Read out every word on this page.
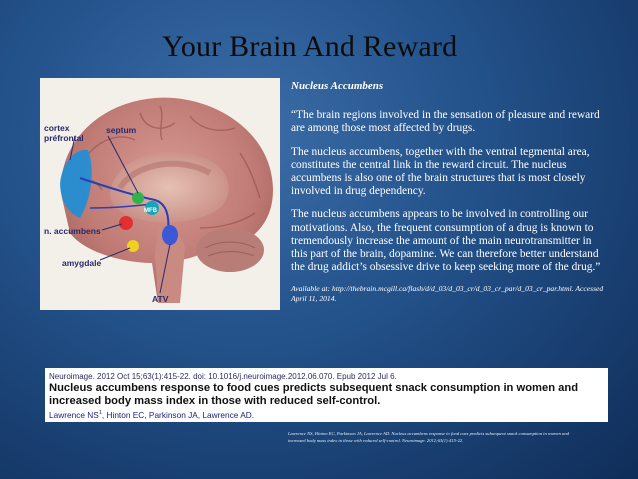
Your Brain And Reward
cortex
préfrontal
septum
MFB
n. accumbens
amygdale
ATV

Nucleus Accumbens

“The brain regions involved in the sensation of pleasure and reward are among those most affected by drugs.

The nucleus accumbens, together with the ventral tegmental area, constitutes the central link in the reward circuit. The nucleus accumbens is also one of the brain structures that is most closely involved in drug dependency.

The nucleus accumbens appears to be involved in controlling our motivations. Also, the frequent consumption of a drug is known to tremendously increase the amount of the main neurotransmitter in this part of the brain, dopamine. We can therefore better understand the drug addict’s obsessive drive to keep seeking more of the drug.”

Available at: http://thebrain.mcgill.ca/flash/d/d_03/d_03_cr/d_03_cr_par/d_03_cr_par.html. Accessed April 11, 2014.

Neuroimage. 2012 Oct 15;63(1):415-22. doi: 10.1016/j.neuroimage.2012.06.070. Epub 2012 Jul 6.
Nucleus accumbens response to food cues predicts subsequent snack consumption in women and increased body mass index in those with reduced self-control.
Lawrence $NS^1$, Hinton EC, Parkinson JA, Lawrence AD.
Lawrence NS, Hinton EC, Parkinson JA, Lawrence AD. Nucleus accumbens response to food cues predicts subsequent snack consumption in women and increased body mass index in those with reduced self-control. Neuroimage. 2012;63(1):415-22.
